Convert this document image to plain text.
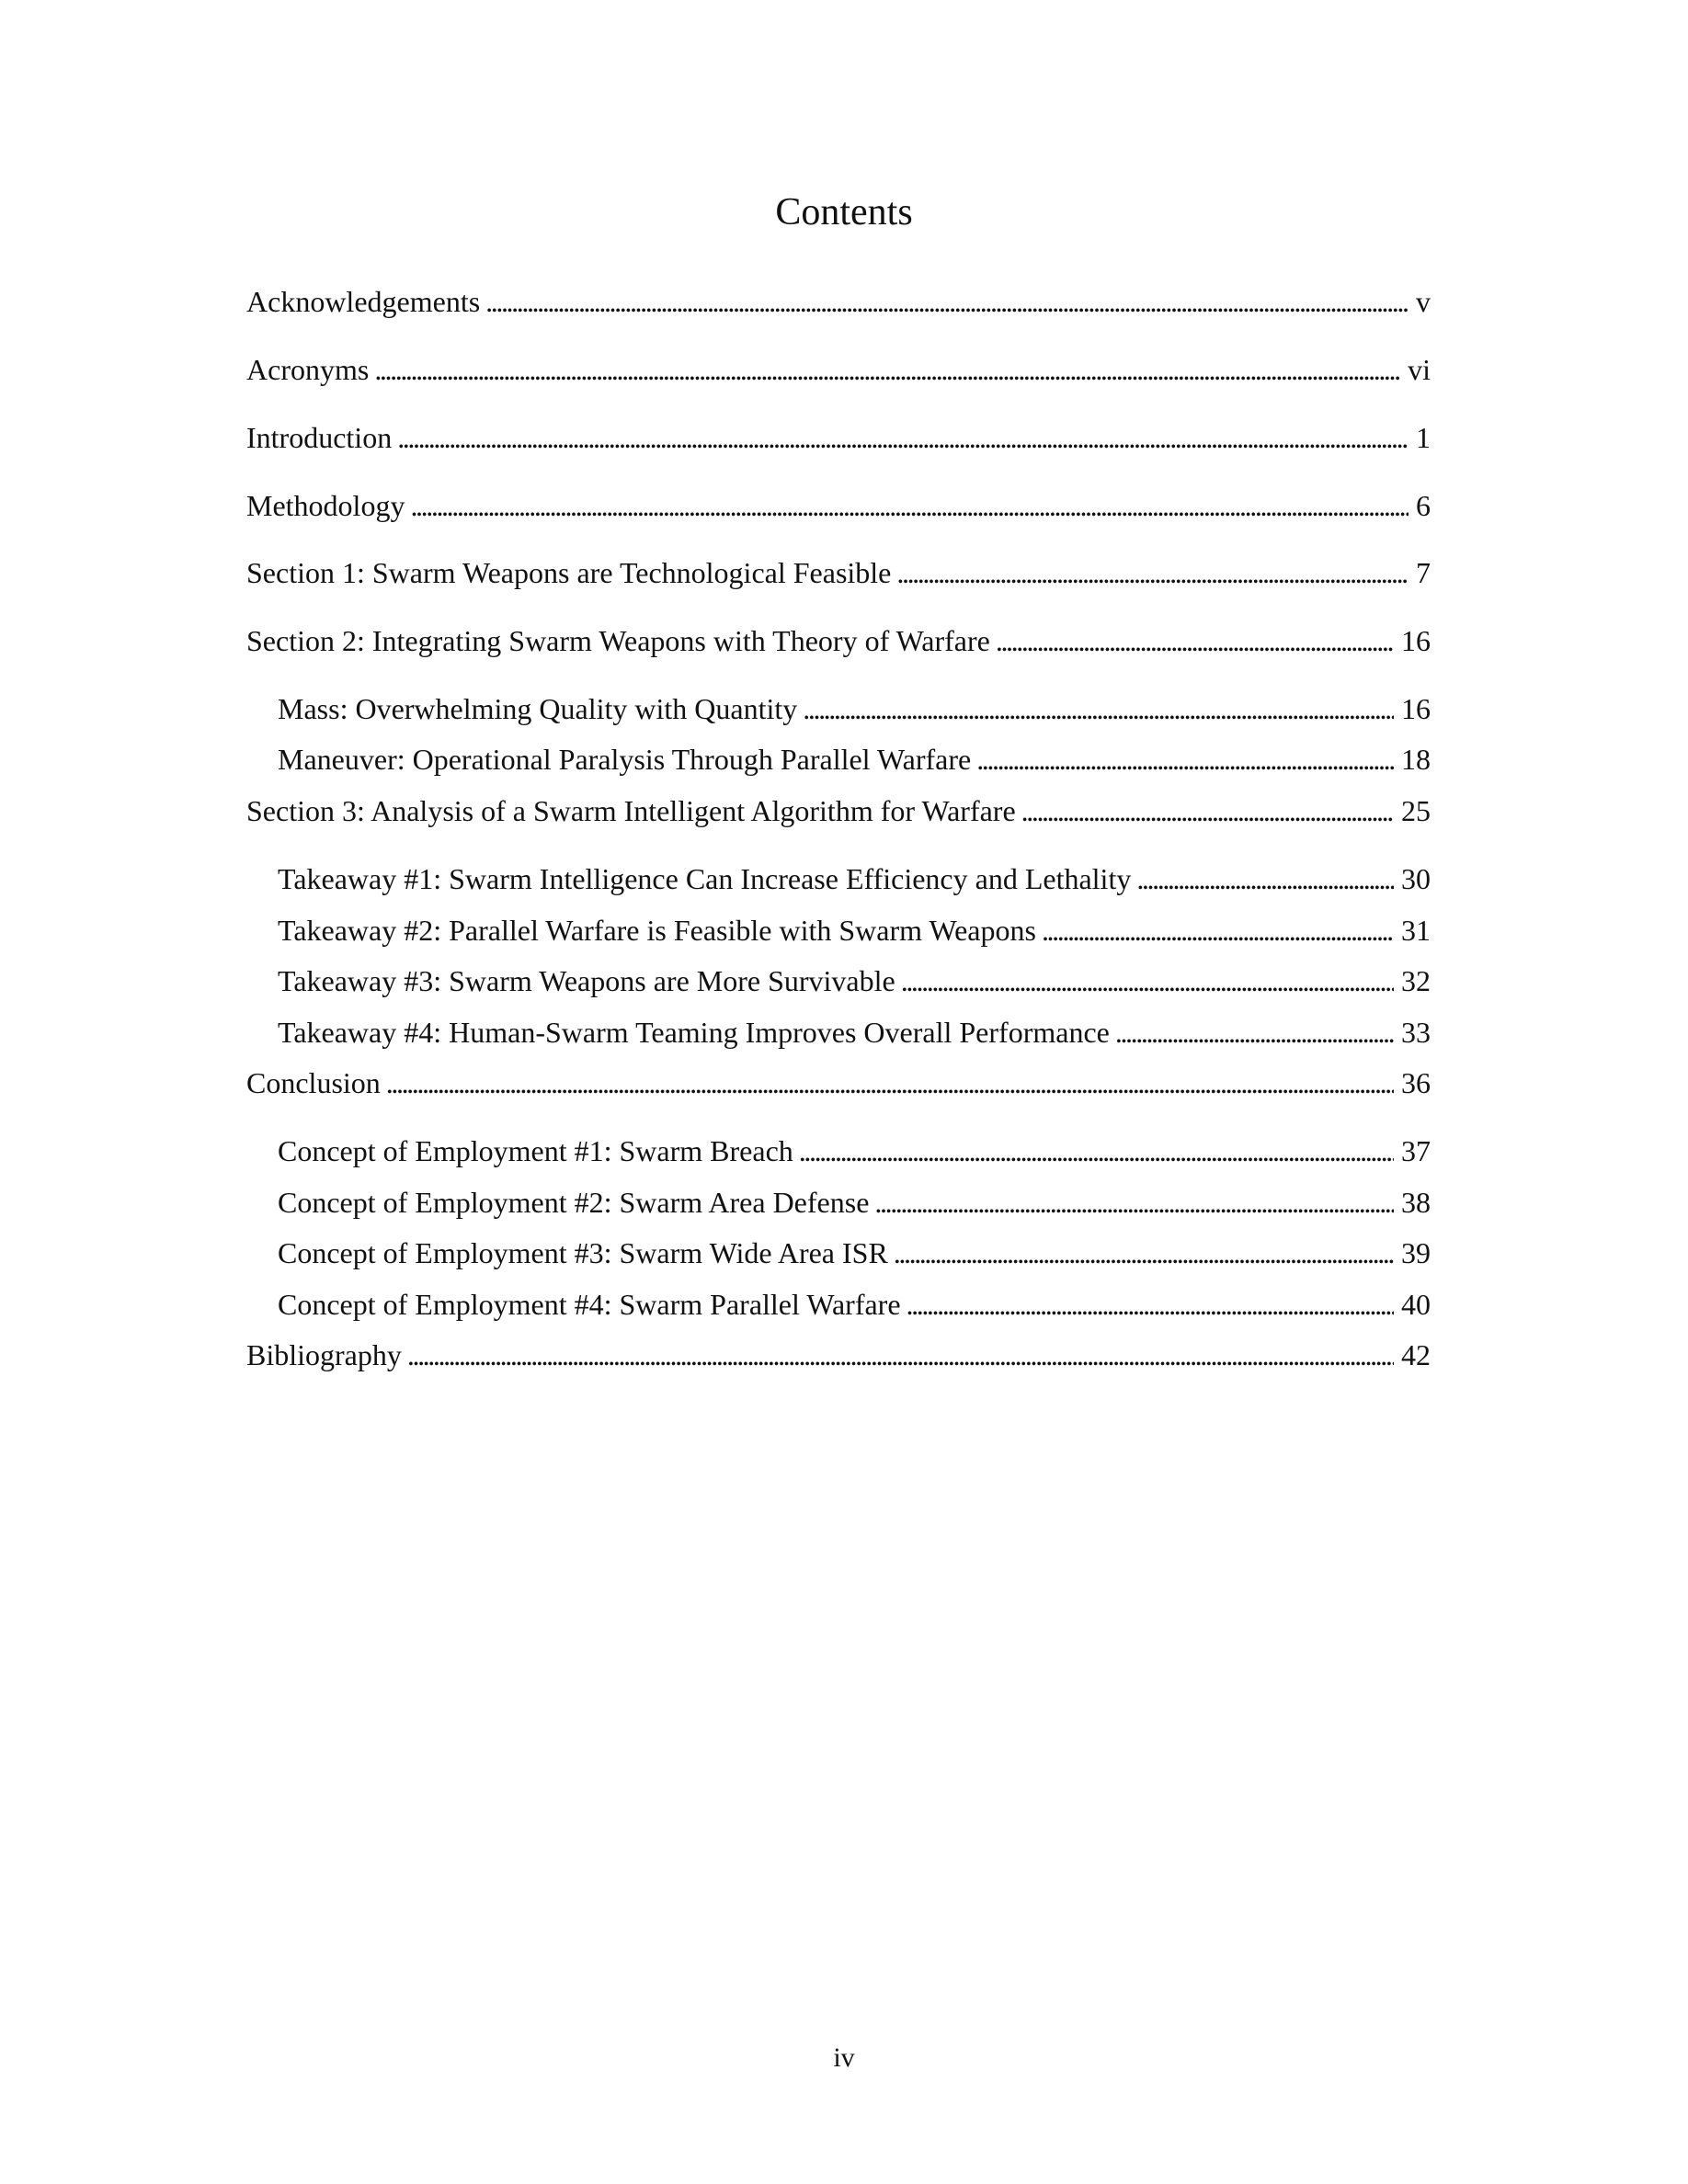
Contents
Acknowledgements . . .	v
Acronyms . . .	vi
Introduction . . .	1
Methodology . . .	6
Section 1: Swarm Weapons are Technological Feasible . . .	7
Section 2: Integrating Swarm Weapons with Theory of Warfare . . .	16
Mass: Overwhelming Quality with Quantity . . .	16
Maneuver: Operational Paralysis Through Parallel Warfare . . .	18
Section 3: Analysis of a Swarm Intelligent Algorithm for Warfare . . .	25
Takeaway #1: Swarm Intelligence Can Increase Efficiency and Lethality . . .	30
Takeaway #2: Parallel Warfare is Feasible with Swarm Weapons . . .	31
Takeaway #3: Swarm Weapons are More Survivable . . .	32
Takeaway #4: Human-Swarm Teaming Improves Overall Performance . . .	33
Conclusion . . .	36
Concept of Employment #1: Swarm Breach . . .	37
Concept of Employment #2: Swarm Area Defense . . .	38
Concept of Employment #3: Swarm Wide Area ISR . . .	39
Concept of Employment #4: Swarm Parallel Warfare . . .	40
Bibliography . . .	42
iv
